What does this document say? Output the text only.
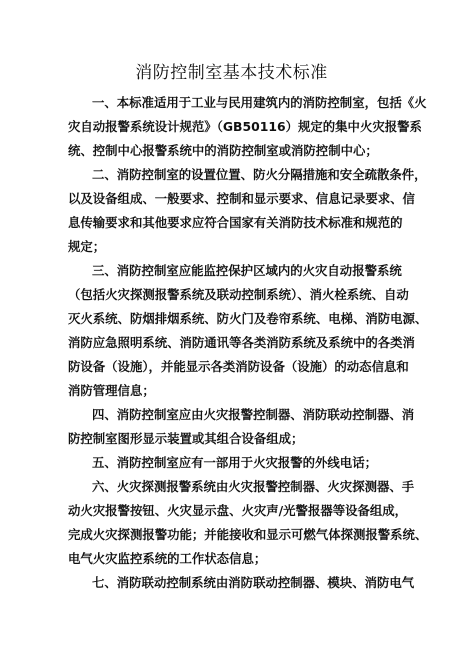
消防控制室基本技术标准
一、本标准适用于工业与民用建筑内的消防控制室，包括《火
灾自动报警系统设计规范》（GB50116）规定的集中火灾报警系
统、控制中心报警系统中的消防控制室或消防控制中心；
二、消防控制室的设置位置、防火分隔措施和安全疏散条件，
以及设备组成、一般要求、控制和显示要求、信息记录要求、信
息传输要求和其他要求应符合国家有关消防技术标准和规范的
规定；
三、消防控制室应能监控保护区域内的火灾自动报警系统
（包括火灾探测报警系统及联动控制系统）、消火栓系统、自动
灭火系统、防烟排烟系统、防火门及卷帘系统、电梯、消防电源、
消防应急照明系统、消防通讯等各类消防系统及系统中的各类消
防设备（设施），并能显示各类消防设备（设施）的动态信息和
消防管理信息；
四、消防控制室应由火灾报警控制器、消防联动控制器、消
防控制室图形显示装置或其组合设备组成；
五、消防控制室应有一部用于火灾报警的外线电话；
六、火灾探测报警系统由火灾报警控制器、火灾探测器、手
动火灾报警按钮、火灾显示盘、火灾声/光警报器等设备组成，
完成火灾探测报警功能；并能接收和显示可燃气体探测报警系统、
电气火灾监控系统的工作状态信息；
七、消防联动控制系统由消防联动控制器、模块、消防电气
